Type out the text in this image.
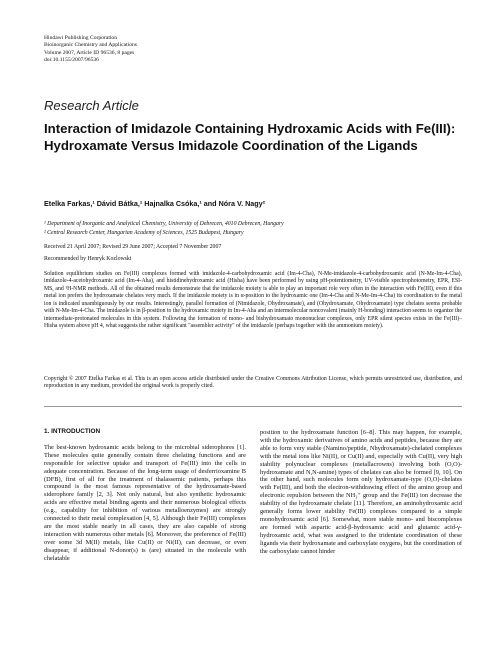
Hindawi Publishing Corporation
Bioinorganic Chemistry and Applications
Volume 2007, Article ID 96536, 8 pages
doi:10.1155/2007/96536
Research Article
Interaction of Imidazole Containing Hydroxamic Acids with Fe(III): Hydroxamate Versus Imidazole Coordination of the Ligands
Etelka Farkas,¹ Dávid Bátka,¹ Hajnalka Csóka,¹ and Nóra V. Nagy²
¹ Department of Inorganic and Analytical Chemistry, University of Debrecen, 4010 Debrecen, Hungary
² Central Research Center, Hungarian Academy of Sciences, 1525 Budapest, Hungary
Received 21 April 2007; Revised 29 June 2007; Accepted 7 November 2007
Recommended by Henryk Kozlowski
Solution equilibrium studies on Fe(III) complexes formed with imidazole-4-carbohydroxamic acid (Im-4-Cha), N-Me-imidazole-4-carbohydroxamic acid (N-Me-Im-4-Cha), imidazole-4-acetohydroxamic acid (Im-4-Aha), and histidinehydroxamic acid (Hisha) have been performed by using pH-potentiometry, UV-visible spectrophotometry, EPR, ESI-MS, and ¹H-NMR methods. All of the obtained results demonstrate that the imidazole moiety is able to play an important role very often in the interaction with Fe(III), even if this metal ion prefers the hydroxamate chelates very much. If the imidazole moiety is in α-position to the hydroxamic one (Im-4-Cha and N-Me-Im-4-Cha) its coordination to the metal ion is indicated unambiguously by our results. Interestingly, parallel formation of (Nimidazole, Ohydroxamate), and (Ohydroxamate, Ohydroxamate) type chelates seems probable with N-Me-Im-4-Cha. The imidazole is in β-position to the hydroxamic moiety in Im-4-Aha and an intermolecular noncovalent (mainly H-bonding) interaction seems to organize the intermediate-protonated molecules in this system. Following the formation of mono- and bishydroxamato mononuclear complexes, only EPR silent species exists in the Fe(III)–Hisha system above pH 4, what suggests the rather significant "assembler activity" of the imidazole (perhaps together with the ammonium moiety).
Copyright © 2007 Etelka Farkas et al. This is an open access article distributed under the Creative Commons Attribution License, which permits unrestricted use, distribution, and reproduction in any medium, provided the original work is properly cited.
1. INTRODUCTION
The best-known hydroxamic acids belong to the microbial siderophores [1]. These molecules quite generally contain three chelating functions and are responsible for selective uptake and transport of Fe(III) into the cells in adequate concentration. Because of the long-term usage of desferrioxamine B (DFB), first of all for the treatment of thalassemic patients, perhaps this compound is the most famous representative of the hydroxamate-based siderophore family [2, 3]. Not only natural, but also synthetic hydroxamic acids are effective metal binding agents and their numerous biological effects (e.g., capability for inhibition of various metalloenzymes) are strongly connected to their metal complexation [4, 5]. Although their Fe(III) complexes are the most stable nearly in all cases, they are also capable of strong interaction with numerous other metals [6]. Moreover, the preference of Fe(III) over some 3d M(II) metals, like Cu(II) or Ni(II), can decrease, or even disappear, if additional N-donor(s) is (are) situated in the molecule with chelatable
position to the hydroxamate function [6–8]. This may happen, for example, with the hydroxamic derivatives of amino acids and peptides, because they are able to form very stable (Namino/peptide, Nhydroxamate)-chelated complexes with the metal ions like Ni(II), or Cu(II) and, especially with Cu(II), very high stability polynuclear complexes (metallacrowns) involving both (O,O)-hydroxamate and N,N-amine) types of chelates can also be formed [9, 10]. On the other hand, such molecules form only hydroxamate-type (O,O)-chelates with Fe(III), and both the electron-withdrawing effect of the amino group and electronic repulsion between the NH₃⁺ group and the Fe(III) ion decrease the stability of the hydroxamate chelate [11]. Therefore, an aminohydroxamic acid generally forms lower stability Fe(III) complexes compared to a simple monohydroxamic acid [6]. Somewhat, more stable mono- and biscomplexes are formed with aspartic acid-β-hydroxamic acid and glutamic acid-γ-hydroxamic acid, what was assigned to the tridentate coordination of these ligands via their hydroxamate and carboxylate oxygens, but the coordination of the carboxylate cannot hinder
